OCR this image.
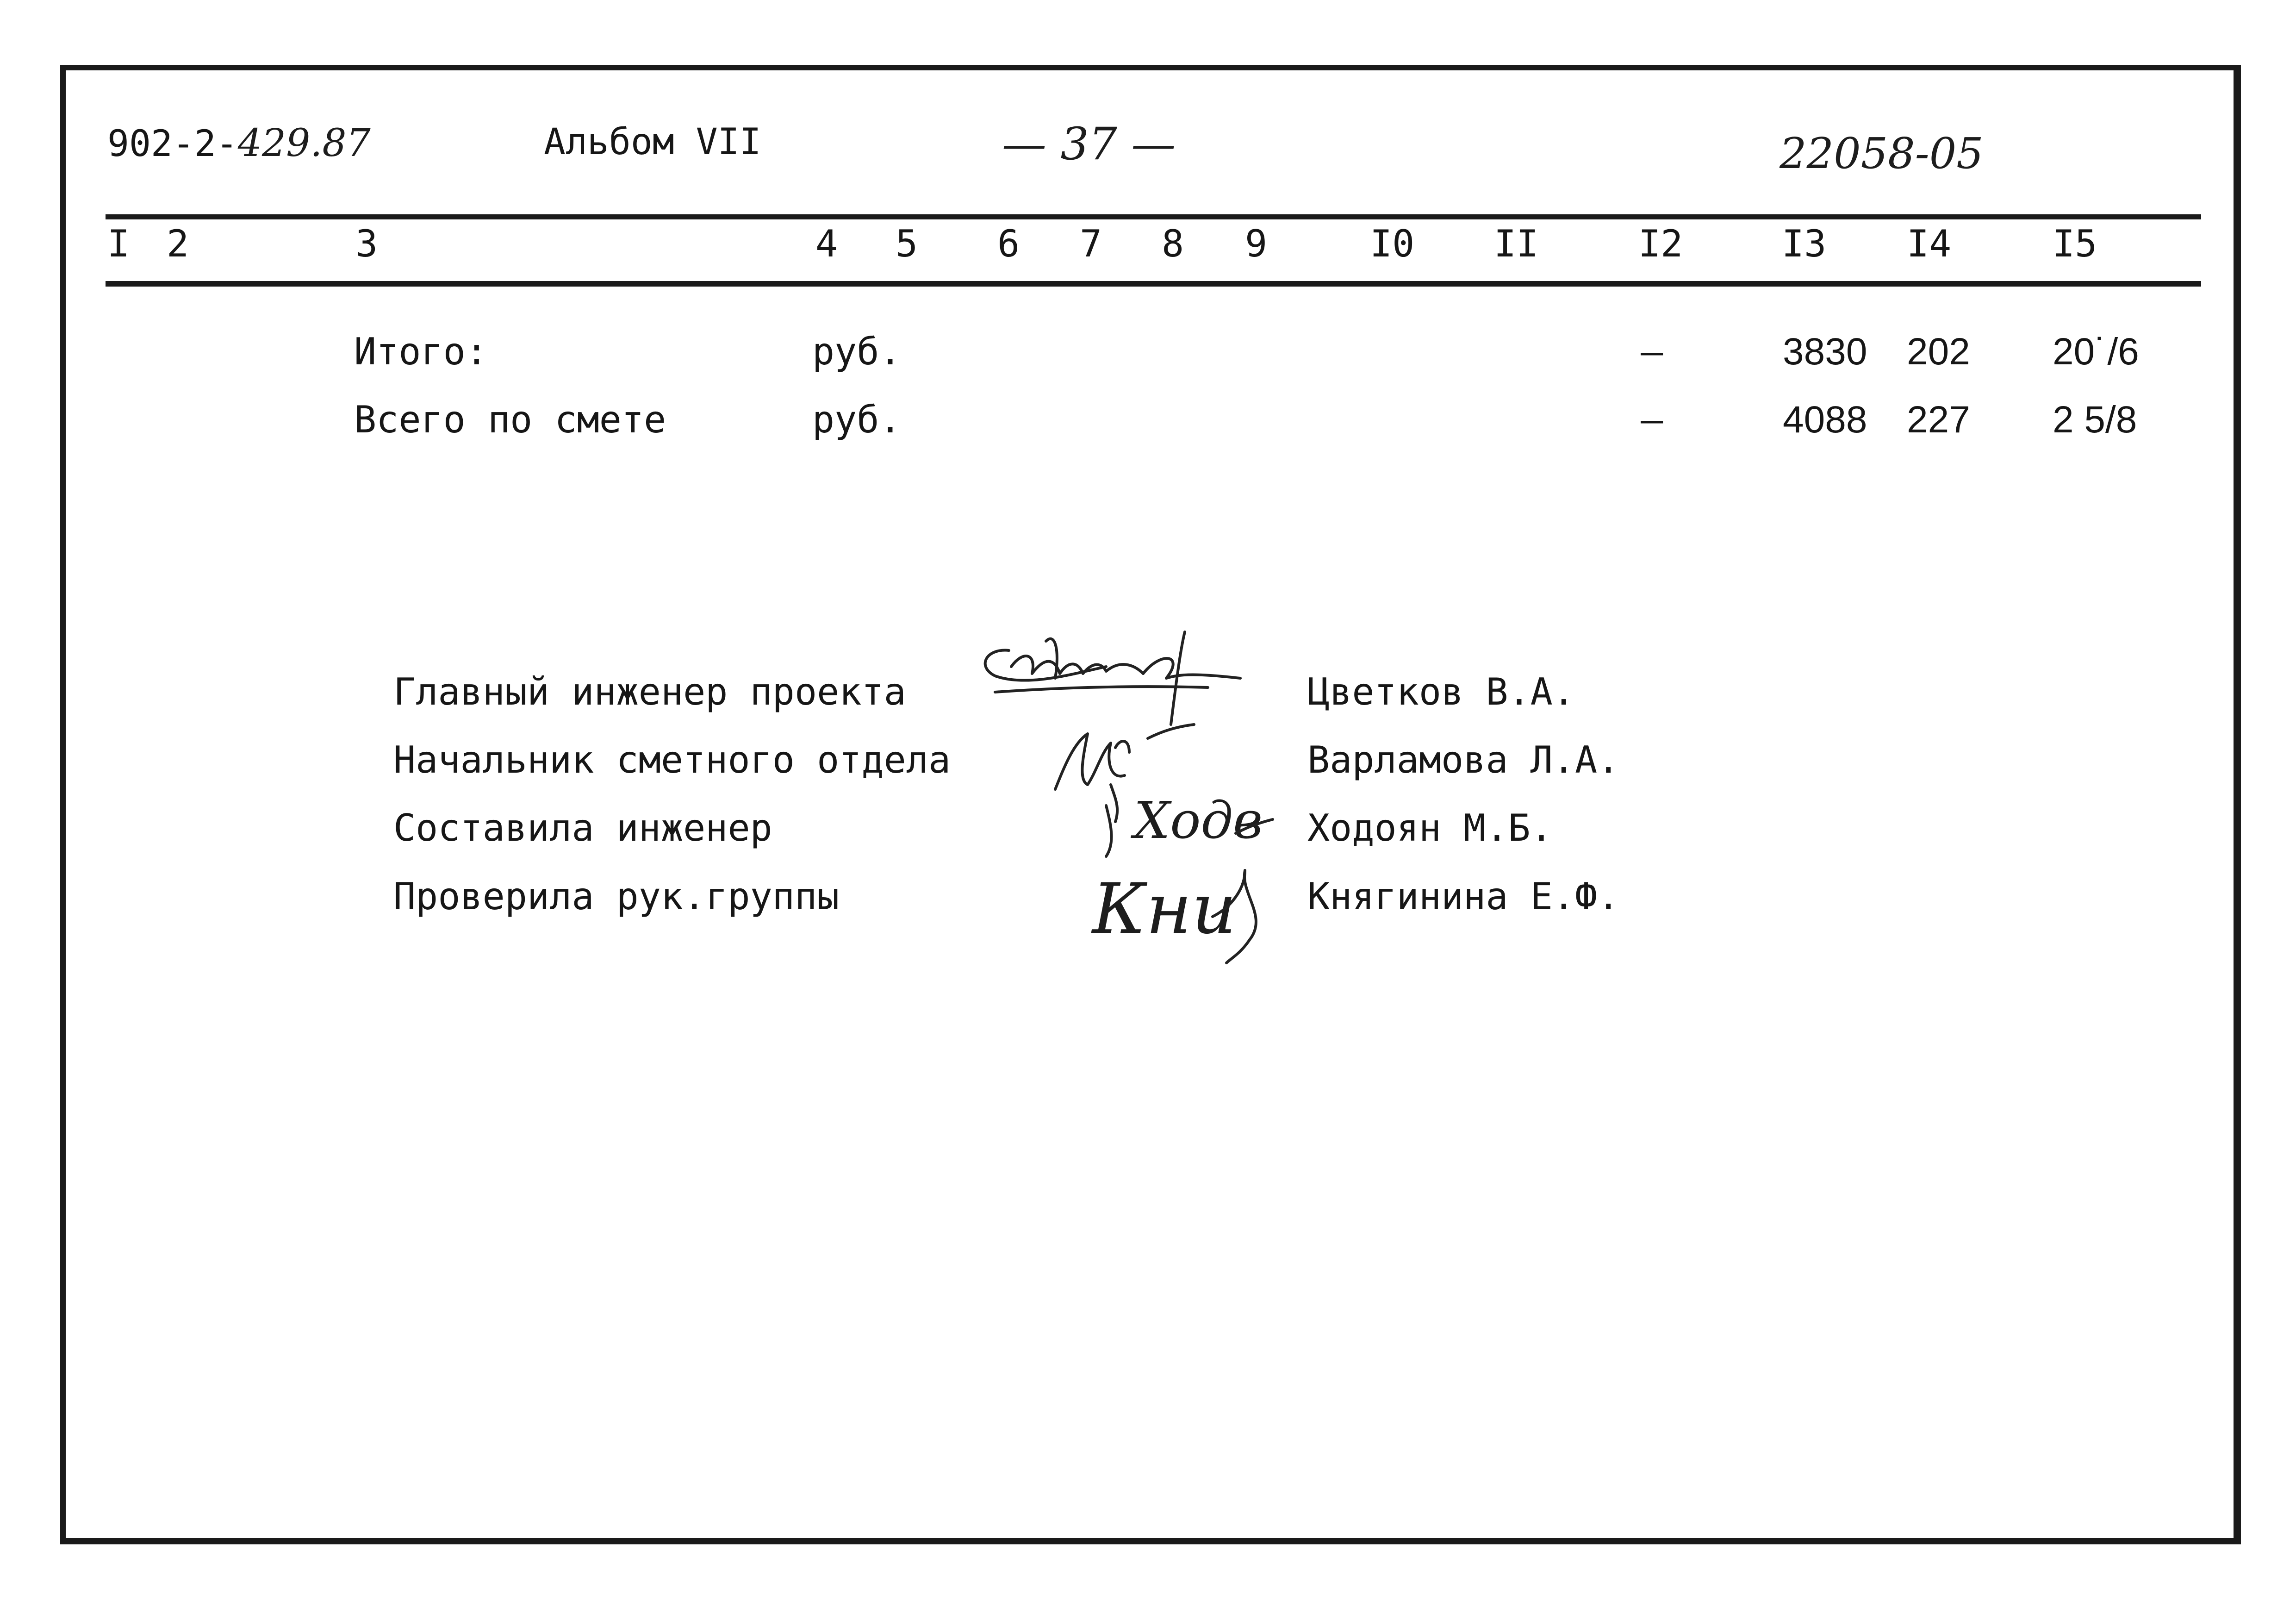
902-2-429.87	Альбом VII	— 37 —	22058-05
I 2	3	4 5 6 7 8 9	I0 II	I2	I3 I4	I5
Итого:	руб.	–	3830 202 20˙/6
Всего по смете	руб.	–	4088 227 2 5/8
Главный инженер проекта	Цветков В.А.
Начальник сметного отдела	Варламова Л.А.
Составила инженер	Ходоян М.Б.
Проверила рук.группы	Княгинина Е.Ф.
Ходв
Кни
